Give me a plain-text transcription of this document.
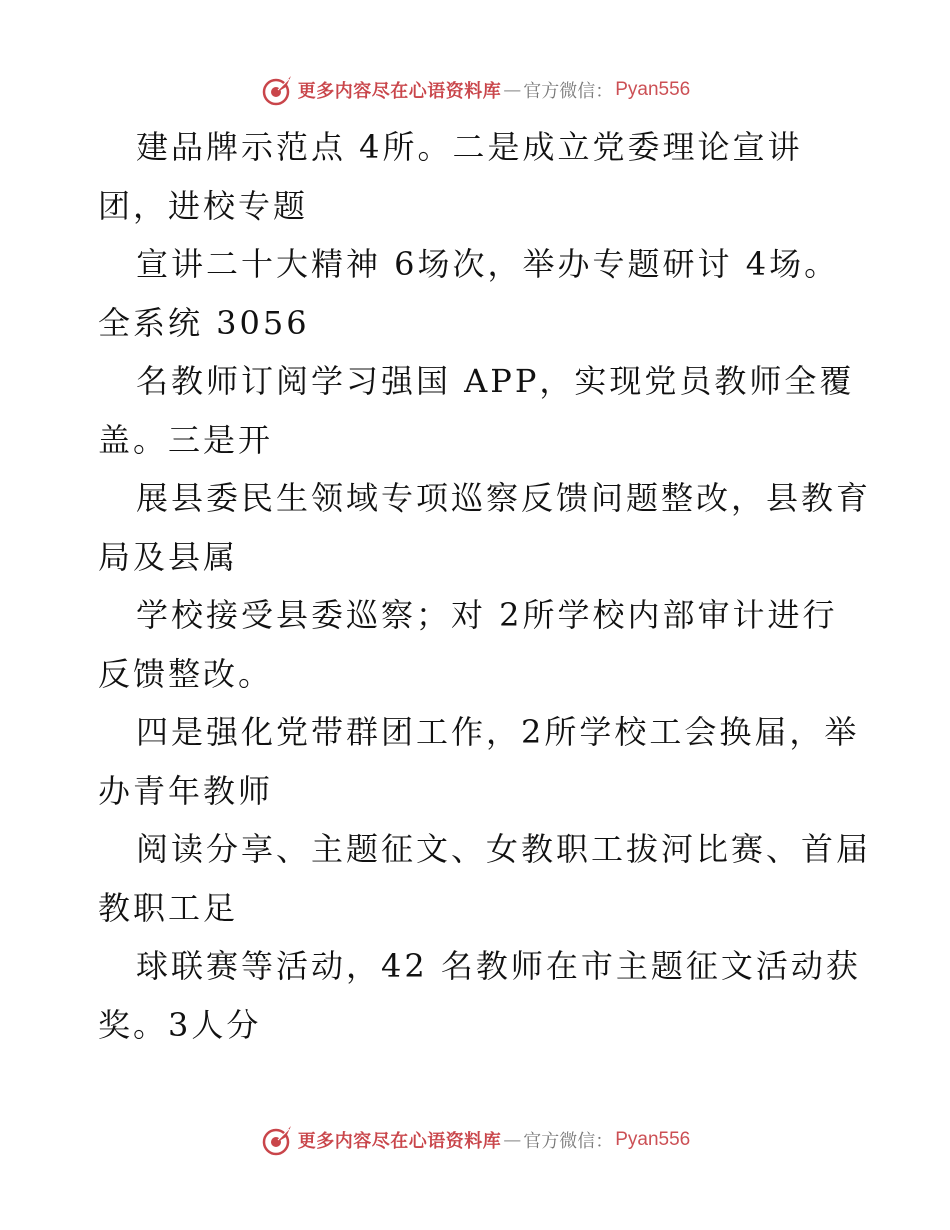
更多内容尽在心语资料库 — 官方微信： Pyan556
建品牌示范点 4所。二是成立党委理论宣讲
团，进校专题
宣讲二十大精神 6场次，举办专题研讨 4场。
全系统 3056
名教师订阅学习强国 APP，实现党员教师全覆
盖。三是开
展县委民生领域专项巡察反馈问题整改，县教育
局及县属
学校接受县委巡察；对 2所学校内部审计进行
反馈整改。
四是强化党带群团工作，2所学校工会换届，举
办青年教师
阅读分享、主题征文、女教职工拔河比赛、首届
教职工足
球联赛等活动，42 名教师在市主题征文活动获
奖。3人分
更多内容尽在心语资料库 — 官方微信： Pyan556
